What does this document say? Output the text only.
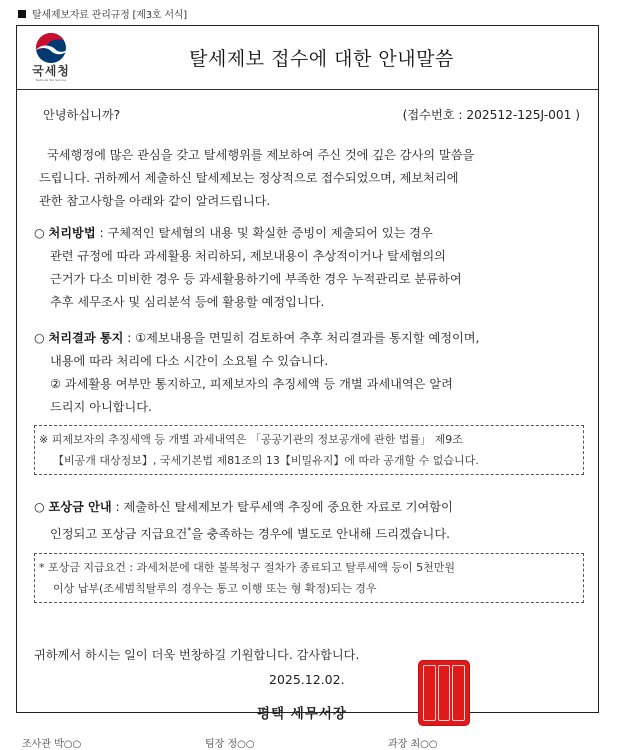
탈세제보자료 관리규정 [제3호 서식]
국세청
National Tax Service
탈세제보 접수에 대한 안내말씀
안녕하십니까?	(접수번호 : 202512-125J-001 )
국세행정에 많은 관심을 갖고 탈세행위를 제보하여 주신 것에 깊은 감사의 말씀을
드립니다. 귀하께서 제출하신 탈세제보는 정상적으로 접수되었으며, 제보처리에
관한 참고사항을 아래와 같이 알려드립니다.
○ 처리방법 : 구체적인 탈세혐의 내용 및 확실한 증빙이 제출되어 있는 경우
관련 규정에 따라 과세활용 처리하되, 제보내용이 추상적이거나 탈세혐의의
근거가 다소 미비한 경우 등 과세활용하기에 부족한 경우 누적관리로 분류하여
추후 세무조사 및 심리분석 등에 활용할 예정입니다.
○ 처리결과 통지 : ①제보내용을 면밀히 검토하여 추후 처리결과를 통지할 예정이며,
내용에 따라 처리에 다소 시간이 소요될 수 있습니다.
② 과세활용 여부만 통지하고, 피제보자의 추징세액 등 개별 과세내역은 알려
드리지 아니합니다.
※ 피제보자의 추징세액 등 개별 과세내역은 「공공기관의 정보공개에 관한 법률」 제9조
【비공개 대상정보】, 국세기본법 제81조의 13【비밀유지】에 따라 공개할 수 없습니다.
○ 포상금 안내 : 제출하신 탈세제보가 탈루세액 추징에 중요한 자료로 기여함이
인정되고 포상금 지급요건*을 충족하는 경우에 별도로 안내해 드리겠습니다.
* 포상금 지급요건 : 과세처분에 대한 불복청구 절차가 종료되고 탈루세액 등이 5천만원
이상 납부(조세범칙탈루의 경우는 통고 이행 또는 형 확정)되는 경우
귀하께서 하시는 일이 더욱 번창하길 기원합니다. 감사합니다.
2025.12.02.
평택 세무서장
조사관 박○○	팀장 정○○	과장 최○○
